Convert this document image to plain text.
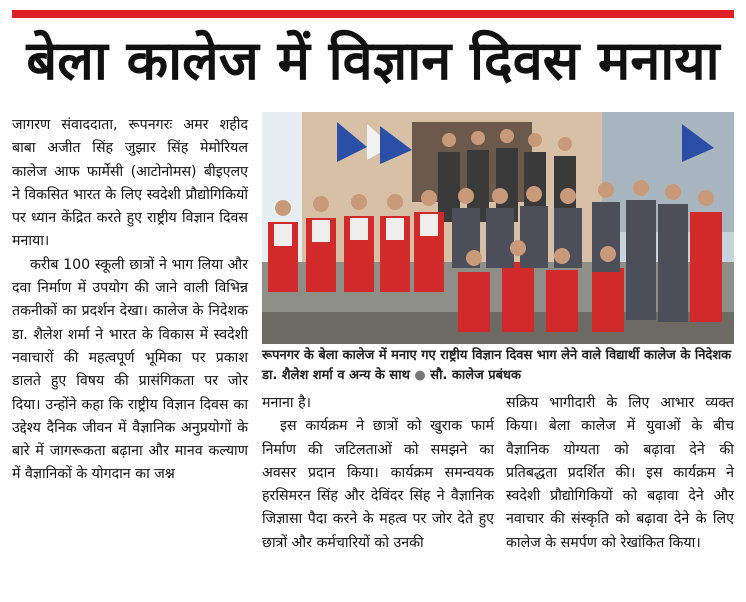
बेला कालेज में विज्ञान दिवस मनाया

जागरण संवाददाता, रूपनगरः अमर शहीद बाबा अजीत सिंह जुझार सिंह मेमोरियल कालेज आफ फार्मेसी (आटोनोमस) बीइएलए ने विकसित भारत के लिए स्वदेशी प्रौद्योगिकियों पर ध्यान केंद्रित करते हुए राष्ट्रीय विज्ञान दिवस मनाया।

करीब 100 स्कूली छात्रों ने भाग लिया और दवा निर्माण में उपयोग की जाने वाली विभिन्न तकनीकों का प्रदर्शन देखा। कालेज के निदेशक डा. शैलेश शर्मा ने भारत के विकास में स्वदेशी नवाचारों की महत्वपूर्ण भूमिका पर प्रकाश डालते हुए विषय की प्रासंगिकता पर जोर दिया। उन्होंने कहा कि राष्ट्रीय विज्ञान दिवस का उद्देश्य दैनिक जीवन में वैज्ञानिक अनुप्रयोगों के बारे में जागरूकता बढ़ाना और मानव कल्याण में वैज्ञानिकों के योगदान का जश्न

रूपनगर के बेला कालेज में मनाए गए राष्ट्रीय विज्ञान दिवस भाग लेने वाले विद्यार्थी कालेज के निदेशक डा. शैलेश शर्मा व अन्य के साथ ● सौ. कालेज प्रबंधक

मनाना है।

इस कार्यक्रम ने छात्रों को खुराक फार्म निर्माण की जटिलताओं को समझने का अवसर प्रदान किया। कार्यक्रम समन्वयक हरसिमरन सिंह और देविंदर सिंह ने वैज्ञानिक जिज्ञासा पैदा करने के महत्व पर जोर देते हुए छात्रों और कर्मचारियों को उनकी

सक्रिय भागीदारी के लिए आभार व्यक्त किया। बेला कालेज में युवाओं के बीच वैज्ञानिक योग्यता को बढ़ावा देने की प्रतिबद्धता प्रदर्शित की। इस कार्यक्रम ने स्वदेशी प्रौद्योगिकियों को बढ़ावा देने और नवाचार की संस्कृति को बढ़ावा देने के लिए कालेज के समर्पण को रेखांकित किया।
